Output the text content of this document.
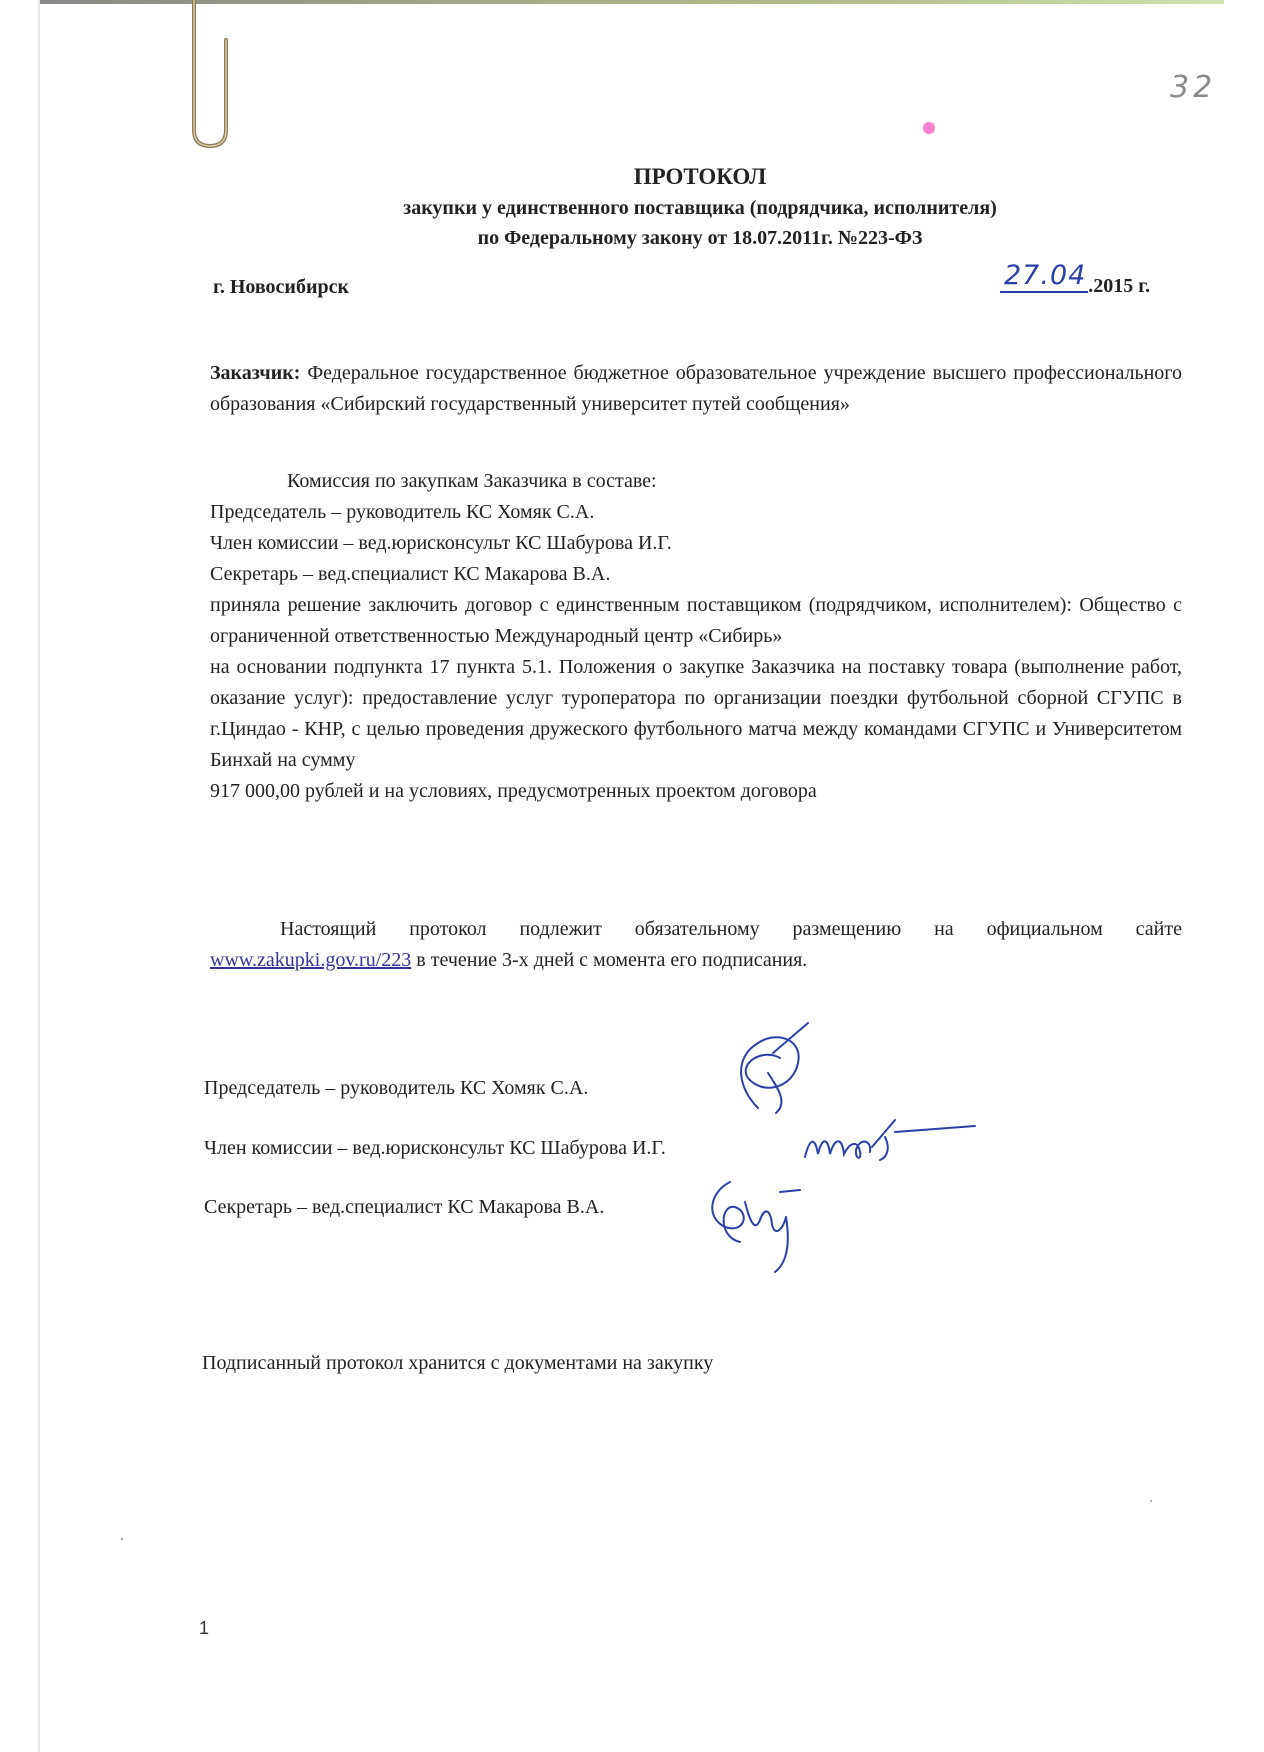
32
ПРОТОКОЛ
закупки у единственного поставщика (подрядчика, исполнителя)
по Федеральному закону от 18.07.2011г. №223-ФЗ
г. Новосибирск	27.04 .2015 г.
Заказчик: Федеральное государственное бюджетное образовательное учреждение высшего профессионального образования «Сибирский государственный университет путей сообщения»
Комиссия по закупкам Заказчика в составе:
Председатель – руководитель КС Хомяк С.А.
Член комиссии – вед.юрисконсульт КС Шабурова И.Г.
Секретарь – вед.специалист КС Макарова В.А.
приняла решение заключить договор с единственным поставщиком (подрядчиком, исполнителем): Общество с ограниченной ответственностью Международный центр «Сибирь»
на основании подпункта 17 пункта 5.1. Положения о закупке Заказчика на поставку товара (выполнение работ, оказание услуг): предоставление услуг туроператора по организации поездки футбольной сборной СГУПС в г.Циндао - КНР, с целью проведения дружеского футбольного матча между командами СГУПС и Университетом Бинхай на сумму
917 000,00 рублей и на условиях, предусмотренных проектом договора
Настоящий протокол подлежит обязательному размещению на официальном сайте www.zakupki.gov.ru/223 в течение 3-х дней с момента его подписания.
Председатель – руководитель КС Хомяк С.А.
Член комиссии – вед.юрисконсульт КС Шабурова И.Г.
Секретарь – вед.специалист КС Макарова В.А.
Подписанный протокол хранится с документами на закупку
1
